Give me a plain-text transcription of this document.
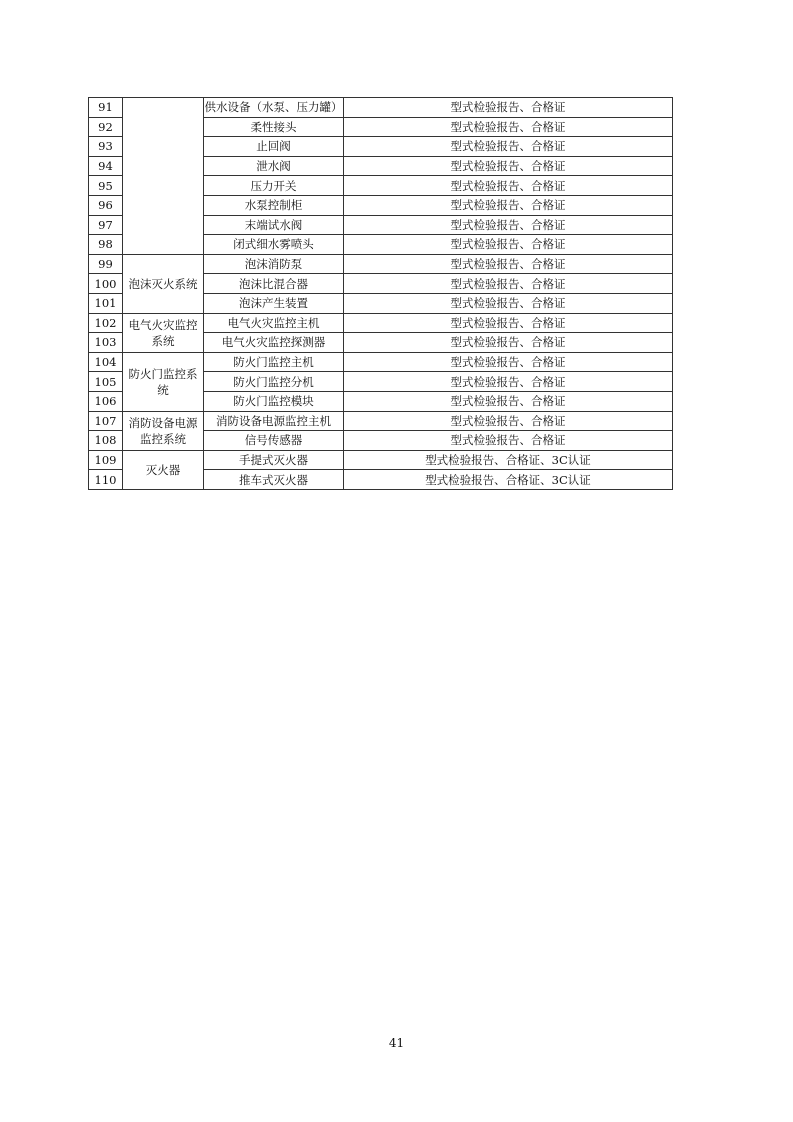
91		供水设备（水泵、压力罐）	型式检验报告、合格证
92		柔性接头	型式检验报告、合格证
93		止回阀	型式检验报告、合格证
94		泄水阀	型式检验报告、合格证
95		压力开关	型式检验报告、合格证
96		水泵控制柜	型式检验报告、合格证
97		末端试水阀	型式检验报告、合格证
98		闭式细水雾喷头	型式检验报告、合格证
99	泡沫灭火系统	泡沫消防泵	型式检验报告、合格证
100		泡沫比混合器	型式检验报告、合格证
101		泡沫产生装置	型式检验报告、合格证
102	电气火灾监控系统	电气火灾监控主机	型式检验报告、合格证
103		电气火灾监控探测器	型式检验报告、合格证
104	防火门监控系统	防火门监控主机	型式检验报告、合格证
105		防火门监控分机	型式检验报告、合格证
106		防火门监控模块	型式检验报告、合格证
107	消防设备电源监控系统	消防设备电源监控主机	型式检验报告、合格证
108		信号传感器	型式检验报告、合格证
109	灭火器	手提式灭火器	型式检验报告、合格证、3C认证
110		推车式灭火器	型式检验报告、合格证、3C认证
41
